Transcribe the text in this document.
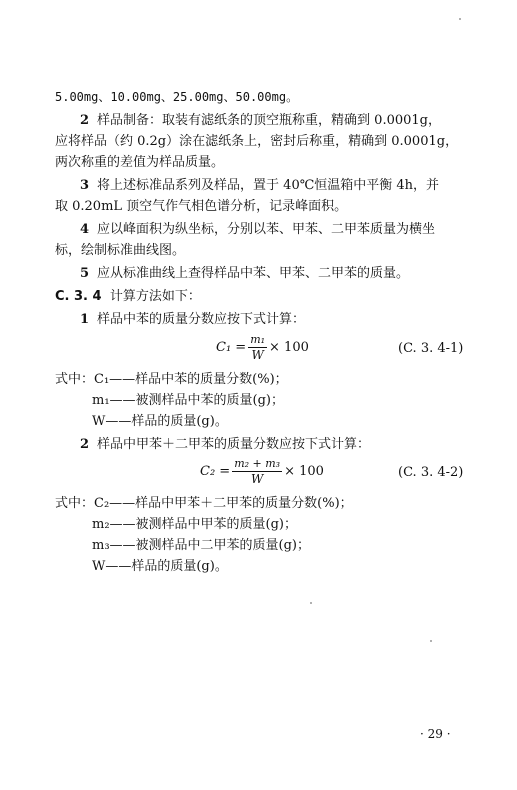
5.00mg、10.00mg、25.00mg、50.00mg。
2 样品制备：取装有滤纸条的顶空瓶称重，精确到 0.0001g，
应将样品（约 0.2g）涂在滤纸条上，密封后称重，精确到 0.0001g，
两次称重的差值为样品质量。
3 将上述标准品系列及样品，置于 40℃恒温箱中平衡 4h，并
取 0.20mL 顶空气作气相色谱分析，记录峰面积。
4 应以峰面积为纵坐标，分别以苯、甲苯、二甲苯质量为横坐
标，绘制标准曲线图。
5 应从标准曲线上查得样品中苯、甲苯、二甲苯的质量。
C. 3. 4 计算方法如下：
1 样品中苯的质量分数应按下式计算：
$C_1 = \frac{\text{m₁}}{W} \times 100$	(C. 3. 4-1)
式中：C₁——样品中苯的质量分数(%)；
m₁——被测样品中苯的质量(g)；
W——样品的质量(g)。
2 样品中甲苯＋二甲苯的质量分数应按下式计算：
$C_2 = \frac{\text{m₂ + m₃}}{W} \times 100$	(C. 3. 4-2)
式中：C₂——样品中甲苯＋二甲苯的质量分数(%)；
m₂——被测样品中甲苯的质量(g)；
m₃——被测样品中二甲苯的质量(g)；
W——样品的质量(g)。
· 29 ·
